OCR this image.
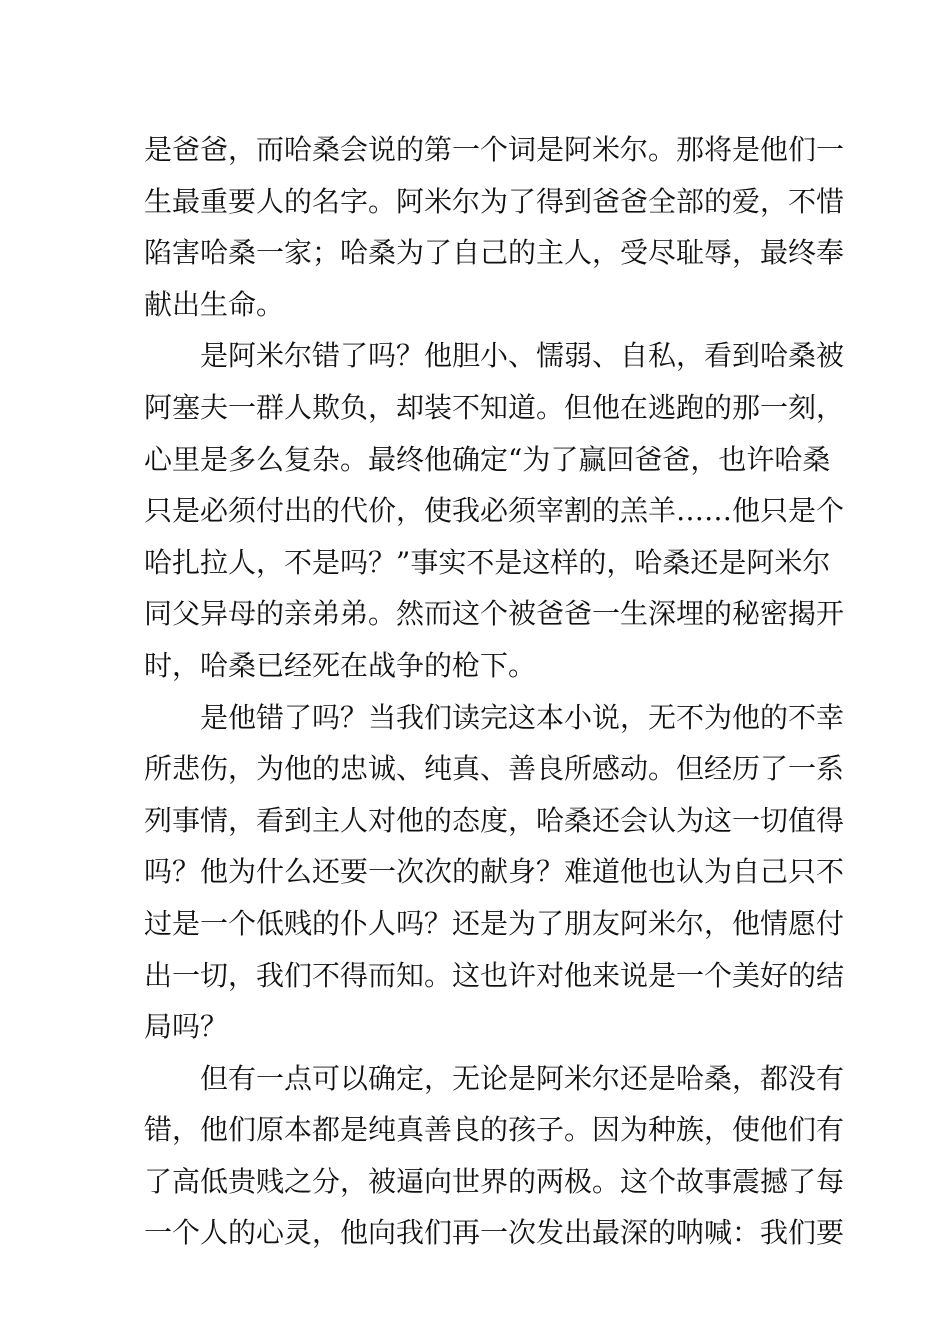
是爸爸，而哈桑会说的第一个词是阿米尔。那将是他们一
生最重要人的名字。阿米尔为了得到爸爸全部的爱，不惜
陷害哈桑一家；哈桑为了自己的主人，受尽耻辱，最终奉
献出生命。
是阿米尔错了吗？他胆小、懦弱、自私，看到哈桑被
阿塞夫一群人欺负，却装不知道。但他在逃跑的那一刻，
心里是多么复杂。最终他确定“为了赢回爸爸，也许哈桑
只是必须付出的代价，使我必须宰割的羔羊……他只是个
哈扎拉人，不是吗？”事实不是这样的，哈桑还是阿米尔
同父异母的亲弟弟。然而这个被爸爸一生深埋的秘密揭开
时，哈桑已经死在战争的枪下。
是他错了吗？当我们读完这本小说，无不为他的不幸
所悲伤，为他的忠诚、纯真、善良所感动。但经历了一系
列事情，看到主人对他的态度，哈桑还会认为这一切值得
吗？他为什么还要一次次的献身？难道他也认为自己只不
过是一个低贱的仆人吗？还是为了朋友阿米尔，他情愿付
出一切，我们不得而知。这也许对他来说是一个美好的结
局吗？
但有一点可以确定，无论是阿米尔还是哈桑，都没有
错，他们原本都是纯真善良的孩子。因为种族，使他们有
了高低贵贱之分，被逼向世界的两极。这个故事震撼了每
一个人的心灵，他向我们再一次发出最深的呐喊：我们要
